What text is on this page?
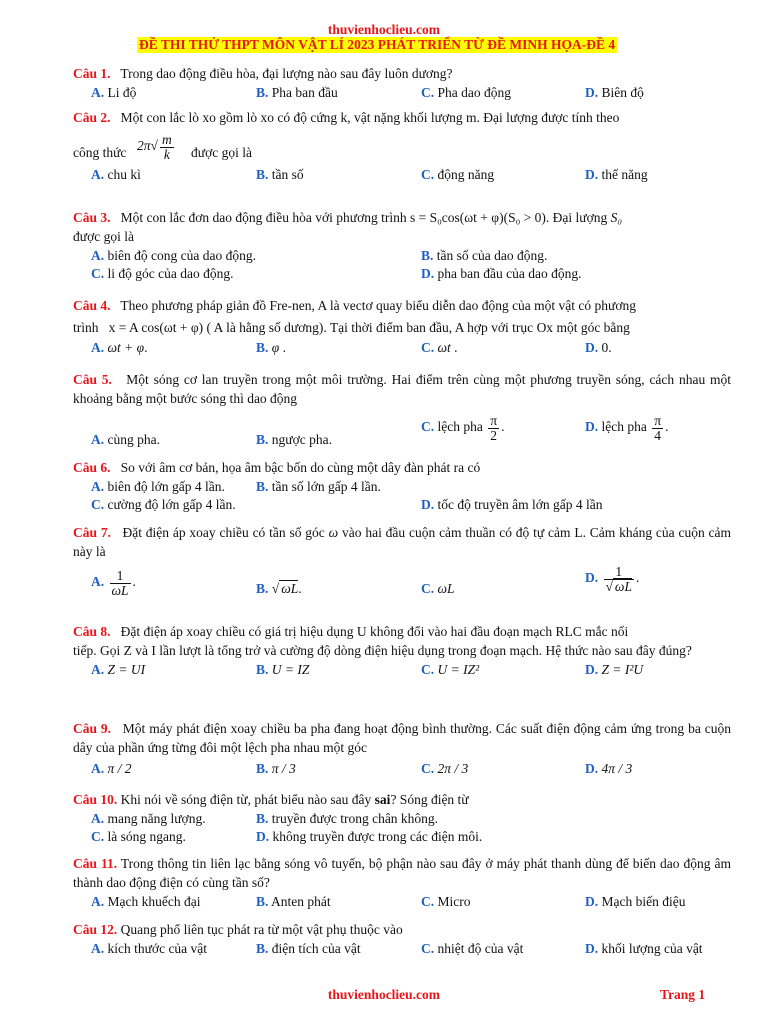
thuvienhoclieu.com
ĐỀ THI THỬ THPT MÔN VẬT LÍ 2023 PHÁT TRIỂN TỪ ĐỀ MINH HỌA-ĐỀ 4
Câu 1. Trong dao động điều hòa, đại lượng nào sau đây luôn dương?
A. Li độ	B. Pha ban đầu	C. Pha dao động	D. Biên độ
Câu 2. Một con lắc lò xo gồm lò xo có độ cứng k, vật nặng khối lượng m. Đại lượng được tính theo
công thức $2\pi√ \frac{m}{k}$ được gọi là
A. chu kì	B. tần số	C. động năng	D. thế năng
Câu 3. Một con lắc đơn dao động điều hòa với phương trình s = S₀cos(ωt + φ)(S₀ > 0). Đại lượng S₀
được gọi là
A. biên độ cong của dao động.	B. tần số của dao động.
C. li độ góc của dao động.	D. pha ban đầu của dao động.
Câu 4. Theo phương pháp giản đồ Fre-nen, A là vectơ quay biểu diễn dao động của một vật có phương
trình x = A cos(ωt + φ) ( A là hằng số dương). Tại thời điểm ban đầu, A hợp với trục Ox một góc bằng
A. ωt + φ.	B. φ .	C. ωt .	D. 0.
Câu 5. Một sóng cơ lan truyền trong một môi trường. Hai điểm trên cùng một phương truyền sóng, cách nhau một khoảng bằng một bước sóng thì dao động
A. cùng pha.	B. ngược pha.
C. lệch pha $\frac{\pi}{2}$ .	D. lệch pha $\frac{\pi}{4}$ .
Câu 6. So với âm cơ bản, họa âm bậc bốn do cùng một dây đàn phát ra có
A. biên độ lớn gấp 4 lần. B. tần số lớn gấp 4 lần.
C. cường độ lớn gấp 4 lần.	D. tốc độ truyền âm lớn gấp 4 lần
Câu 7. Đặt điện áp xoay chiều có tần số góc ω vào hai đầu cuộn cảm thuần có độ tự cảm L. Cảm kháng của cuộn cảm này là
A. $\frac{1}{\omega L}$ .	B. √ ωL.	C. ωL
D. $\frac{1}{√ \omega L}$ .
Câu 8. Đặt điện áp xoay chiều có giá trị hiệu dụng U không đổi vào hai đầu đoạn mạch RLC mắc nối
tiếp. Gọi Z và I lần lượt là tổng trở và cường độ dòng điện hiệu dụng trong đoạn mạch. Hệ thức nào sau đây đúng?
A. Z = UI	B. U = IZ	C. U = IZ²	D. Z = I²U
Câu 9. Một máy phát điện xoay chiều ba pha đang hoạt động bình thường. Các suất điện động cảm ứng trong ba cuộn dây của phần ứng từng đôi một lệch pha nhau một góc
A. π / 2	B. π / 3	C. 2π / 3	D. 4π / 3
Câu 10. Khi nói về sóng điện từ, phát biểu nào sau đây sai? Sóng điện từ
A. mang năng lượng.	B. truyền được trong chân không.
C. là sóng ngang.	D. không truyền được trong các điện môi.
Câu 11. Trong thông tin liên lạc bằng sóng vô tuyến, bộ phận nào sau đây ở máy phát thanh dùng để biến dao động âm thành dao động điện có cùng tần số?
A. Mạch khuếch đại	B. Anten phát	C. Micro	D. Mạch biến điệu
Câu 12. Quang phổ liên tục phát ra từ một vật phụ thuộc vào
A. kích thước của vật	B. điện tích của vật	C. nhiệt độ của vật	D. khối lượng của vật
thuvienhoclieu.com	Trang 1
